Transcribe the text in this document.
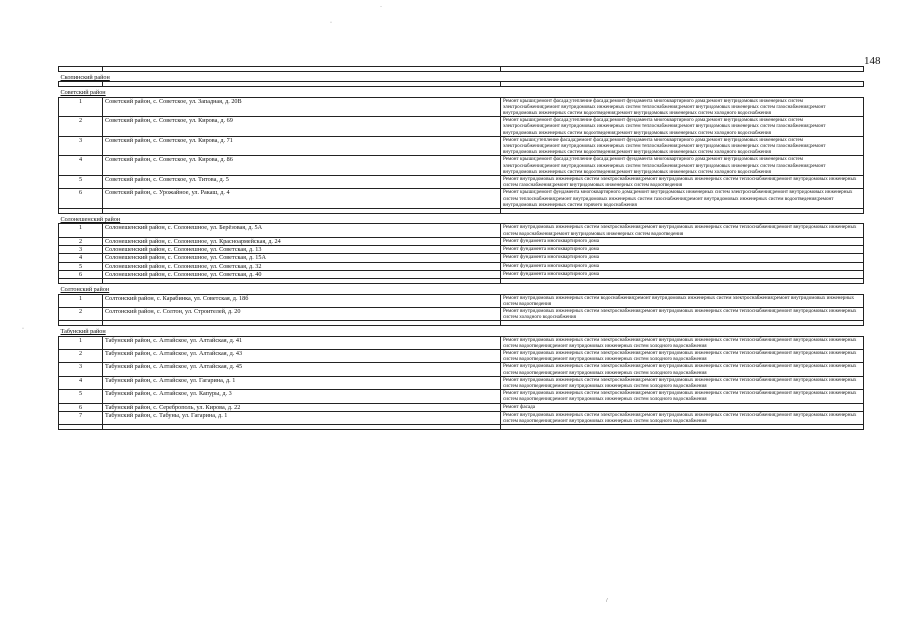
148

Скопинский район		

Советский район		
1	Советский район, с. Советское, ул. Западная, д. 20В	Ремонт крыши;ремонт фасада;утепление фасада;ремонт фундамента многоквартирного дома;ремонт внутридомовых инженерных систем электроснабжения;ремонт внутридомовых инженерных систем теплоснабжения;ремонт внутридомовых инженерных систем газоснабжения;ремонт внутридомовых инженерных систем водоотведения;ремонт внутридомовых инженерных систем холодного водоснабжения
2	Советский район, с. Советское, ул. Кирова, д. 69	Ремонт крыши;ремонт фасада;утепление фасада;ремонт фундамента многоквартирного дома;ремонт внутридомовых инженерных систем электроснабжения;ремонт внутридомовых инженерных систем теплоснабжения;ремонт внутридомовых инженерных систем газоснабжения;ремонт внутридомовых инженерных систем водоотведения;ремонт внутридомовых инженерных систем холодного водоснабжения
3	Советский район, с. Советское, ул. Кирова, д. 71	Ремонт крыши;утепление фасада;ремонт фасада;ремонт фундамента многоквартирного дома;ремонт внутридомовых инженерных систем электроснабжения;ремонт внутридомовых инженерных систем теплоснабжения;ремонт внутридомовых инженерных систем газоснабжения;ремонт внутридомовых инженерных систем водоотведения;ремонт внутридомовых инженерных систем холодного водоснабжения
4	Советский район, с. Советское, ул. Кирова, д. 86	Ремонт крыши;ремонт фасада;утепление фасада;ремонт фундамента многоквартирного дома;ремонт внутридомовых инженерных систем электроснабжения;ремонт внутридомовых инженерных систем теплоснабжения;ремонт внутридомовых инженерных систем газоснабжения;ремонт внутридомовых инженерных систем водоотведения;ремонт внутридомовых инженерных систем холодного водоснабжения
5	Советский район, с. Советское, ул. Титова, д. 5	Ремонт внутридомовых инженерных систем электроснабжения;ремонт внутридомовых инженерных систем теплоснабжения;ремонт внутридомовых инженерных систем газоснабжения;ремонт внутридомовых инженерных систем водоотведения
6	Советский район, с. Урожайное, ул. Ракаш, д. 4	Ремонт крыши;ремонт фундамента многоквартирного дома;ремонт внутридомовых инженерных систем электроснабжения;ремонт внутридомовых инженерных систем теплоснабжения;ремонт внутридомовых инженерных систем газоснабжения;ремонт внутридомовых инженерных систем водоотведения;ремонт внутридомовых инженерных систем горячего водоснабжения

Солонешенский район		
1	Солонешенский район, с. Солонешное, ул. Берёзовая, д. 5А	Ремонт внутридомовых инженерных систем электроснабжения;ремонт внутридомовых инженерных систем теплоснабжения;ремонт внутридомовых инженерных систем водоснабжения;ремонт внутридомовых инженерных систем водоотведения
2	Солонешенский район, с. Солонешное, ул. Красноармейская, д. 24	Ремонт фундамента многоквартирного дома
3	Солонешенский район, с. Солонешное, ул. Советская, д. 13	Ремонт фундамента многоквартирного дома
4	Солонешенский район, с. Солонешное, ул. Советская, д. 15А	Ремонт фундамента многоквартирного дома
5	Солонешенский район, с. Солонешное, ул. Советская, д. 32	Ремонт фундамента многоквартирного дома
6	Солонешенский район, с. Солонешное, ул. Советская, д. 40	Ремонт фундамента многоквартирного дома

Солтонский район		
1	Солтонский район, с. Карабинка, ул. Советская, д. 18б	Ремонт внутридомовых инженерных систем водоснабжения;ремонт внутридомовых инженерных систем электроснабжения;ремонт внутридомовых инженерных систем водоотведения
2	Солтонский район, с. Солтон, ул. Строителей, д. 20	Ремонт внутридомовых инженерных систем электроснабжения;ремонт внутридомовых инженерных систем теплоснабжения;ремонт внутридомовых инженерных систем холодного водоснабжения

Табунский район		
1	Табунский район, с. Алтайское, ул. Алтайская, д. 41	Ремонт внутридомовых инженерных систем электроснабжения;ремонт внутридомовых инженерных систем теплоснабжения;ремонт внутридомовых инженерных систем водоотведения;ремонт внутридомовых инженерных систем холодного водоснабжения
2	Табунский район, с. Алтайское, ул. Алтайская, д. 43	Ремонт внутридомовых инженерных систем электроснабжения;ремонт внутридомовых инженерных систем теплоснабжения;ремонт внутридомовых инженерных систем водоотведения;ремонт внутридомовых инженерных систем холодного водоснабжения
3	Табунский район, с. Алтайское, ул. Алтайская, д. 45	Ремонт внутридомовых инженерных систем электроснабжения;ремонт внутридомовых инженерных систем теплоснабжения;ремонт внутридомовых инженерных систем водоотведения;ремонт внутридомовых инженерных систем холодного водоснабжения
4	Табунский район, с. Алтайское, ул. Гагарина, д. 1	Ремонт внутридомовых инженерных систем электроснабжения;ремонт внутридомовых инженерных систем теплоснабжения;ремонт внутридомовых инженерных систем водоотведения;ремонт внутридомовых инженерных систем холодного водоснабжения
5	Табунский район, с. Алтайское, ул. Капуры, д. 3	Ремонт внутридомовых инженерных систем электроснабжения;ремонт внутридомовых инженерных систем теплоснабжения;ремонт внутридомовых инженерных систем водоотведения;ремонт внутридомовых инженерных систем холодного водоснабжения
6	Табунский район, с. Сереброполь, ул. Кирова, д. 22	Ремонт фасада
7	Табунский район, с. Табуны, ул. Гагарина, д. 1	Ремонт внутридомовых инженерных систем электроснабжения;ремонт внутридомовых инженерных систем теплоснабжения;ремонт внутридомовых инженерных систем водоотведения;ремонт внутридомовых инженерных систем холодного водоснабжения

˙
·
·
/
